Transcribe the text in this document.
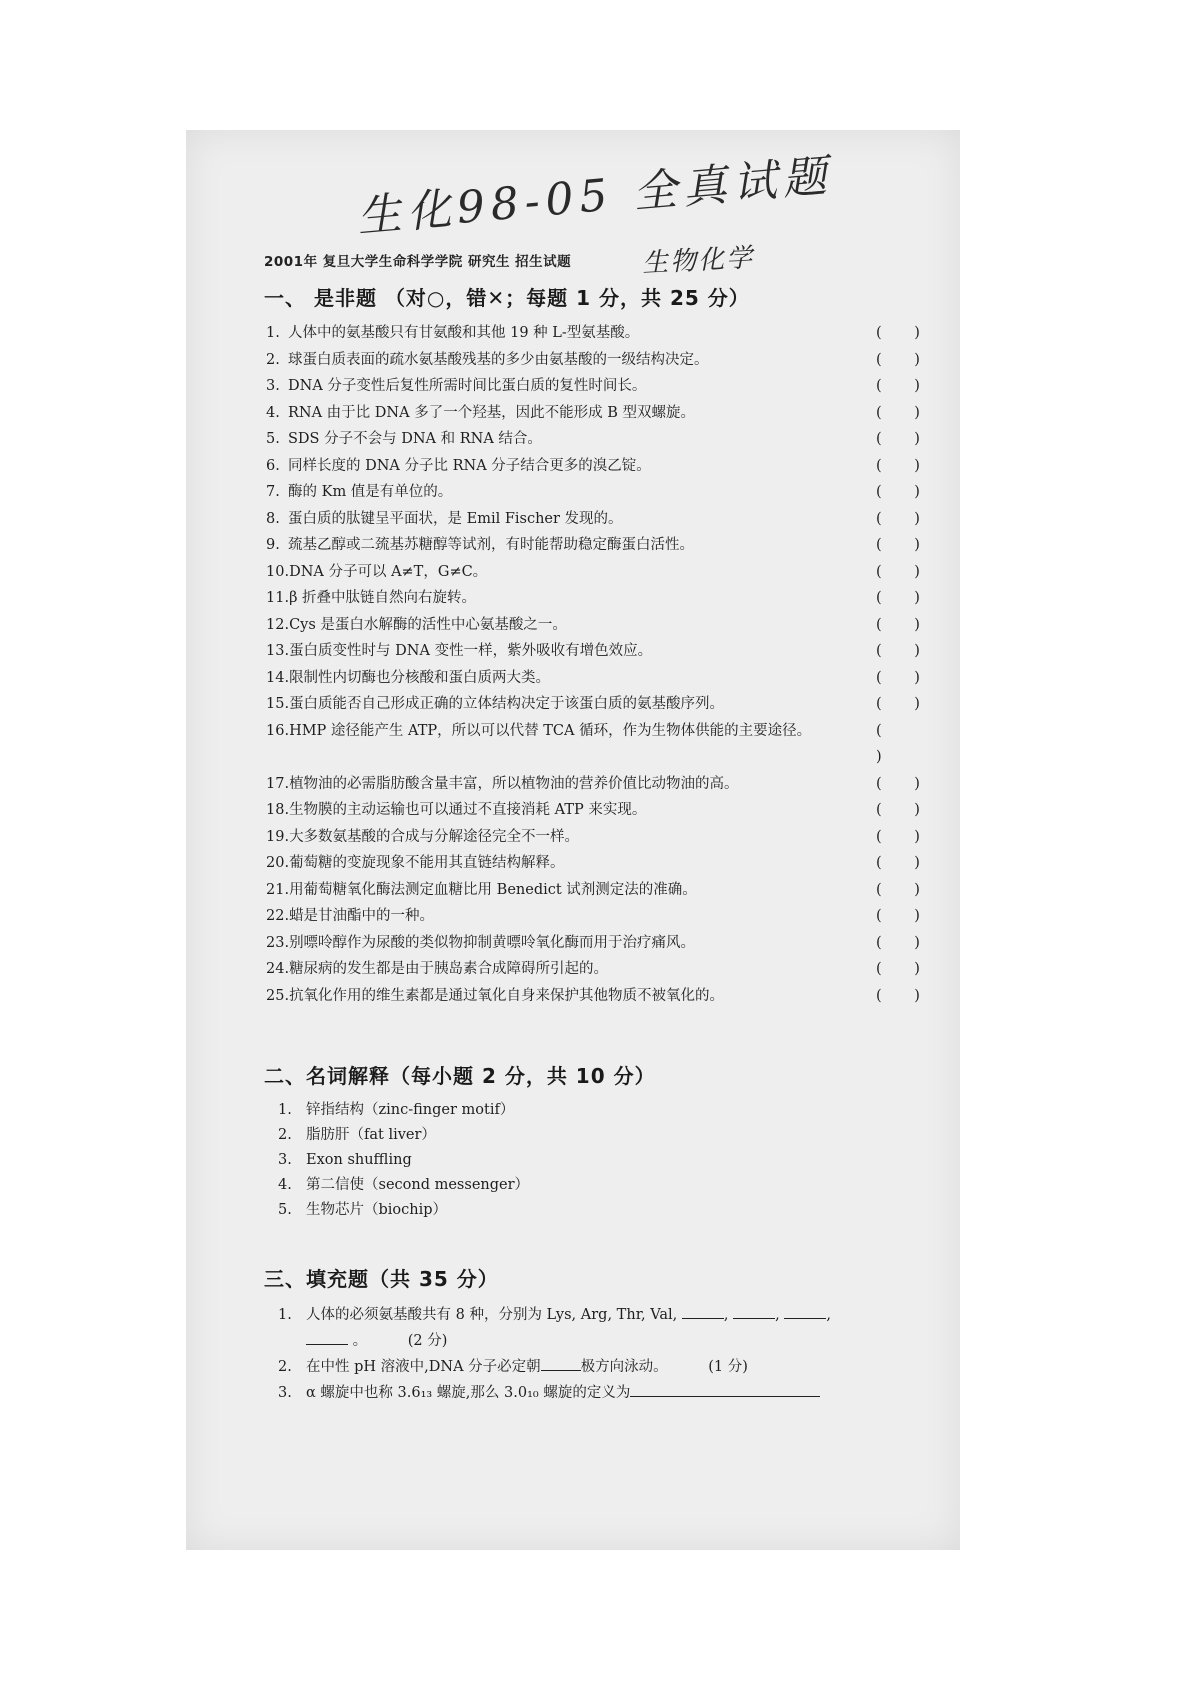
生化98-05 全真试题
生物化学
2001年 复旦大学生命科学学院 研究生 招生试题
一、 是非题 （对○，错✕；每题 1 分，共 25 分）
1.人体中的氨基酸只有甘氨酸和其他 19 种 L-型氨基酸。	( )
2.球蛋白质表面的疏水氨基酸残基的多少由氨基酸的一级结构决定。	( )
3.DNA 分子变性后复性所需时间比蛋白质的复性时间长。	( )
4.RNA 由于比 DNA 多了一个羟基，因此不能形成 B 型双螺旋。	( )
5.SDS 分子不会与 DNA 和 RNA 结合。	( )
6.同样长度的 DNA 分子比 RNA 分子结合更多的溴乙锭。	( )
7.酶的 Km 值是有单位的。	( )
8.蛋白质的肽键呈平面状，是 Emil Fischer 发现的。	( )
9.巯基乙醇或二巯基苏糖醇等试剂，有时能帮助稳定酶蛋白活性。	( )
10.DNA 分子可以 A≠T，G≠C。	( )
11.β 折叠中肽链自然向右旋转。	( )
12.Cys 是蛋白水解酶的活性中心氨基酸之一。	( )
13.蛋白质变性时与 DNA 变性一样，紫外吸收有增色效应。	( )
14.限制性内切酶也分核酸和蛋白质两大类。	( )
15.蛋白质能否自己形成正确的立体结构决定于该蛋白质的氨基酸序列。	( )
16.HMP 途径能产生 ATP，所以可以代替 TCA 循环，作为生物体供能的主要途径。	( )
17.植物油的必需脂肪酸含量丰富，所以植物油的营养价值比动物油的高。	( )
18.生物膜的主动运输也可以通过不直接消耗 ATP 来实现。	( )
19.大多数氨基酸的合成与分解途径完全不一样。	( )
20.葡萄糖的变旋现象不能用其直链结构解释。	( )
21.用葡萄糖氧化酶法测定血糖比用 Benedict 试剂测定法的准确。	( )
22.蜡是甘油酯中的一种。	( )
23.别嘌呤醇作为尿酸的类似物抑制黄嘌呤氧化酶而用于治疗痛风。	( )
24.糖尿病的发生都是由于胰岛素合成障碍所引起的。	( )
25.抗氧化作用的维生素都是通过氧化自身来保护其他物质不被氧化的。	( )
二、名词解释（每小题 2 分，共 10 分）
1. 锌指结构（zinc-finger motif）
2. 脂肪肝（fat liver）
3. Exon shuffling
4. 第二信使（second messenger）
5. 生物芯片（biochip）
三、填充题（共 35 分）
1. 人体的必须氨基酸共有 8 种，分别为 Lys, Arg, Thr, Val,	,	,	,
。	(2 分)
2. 在中性 pH 溶液中,DNA 分子必定朝	极方向泳动。	(1 分)
3. α 螺旋中也称 3.6₁₃ 螺旋,那么 3.0₁₀ 螺旋的定义为
